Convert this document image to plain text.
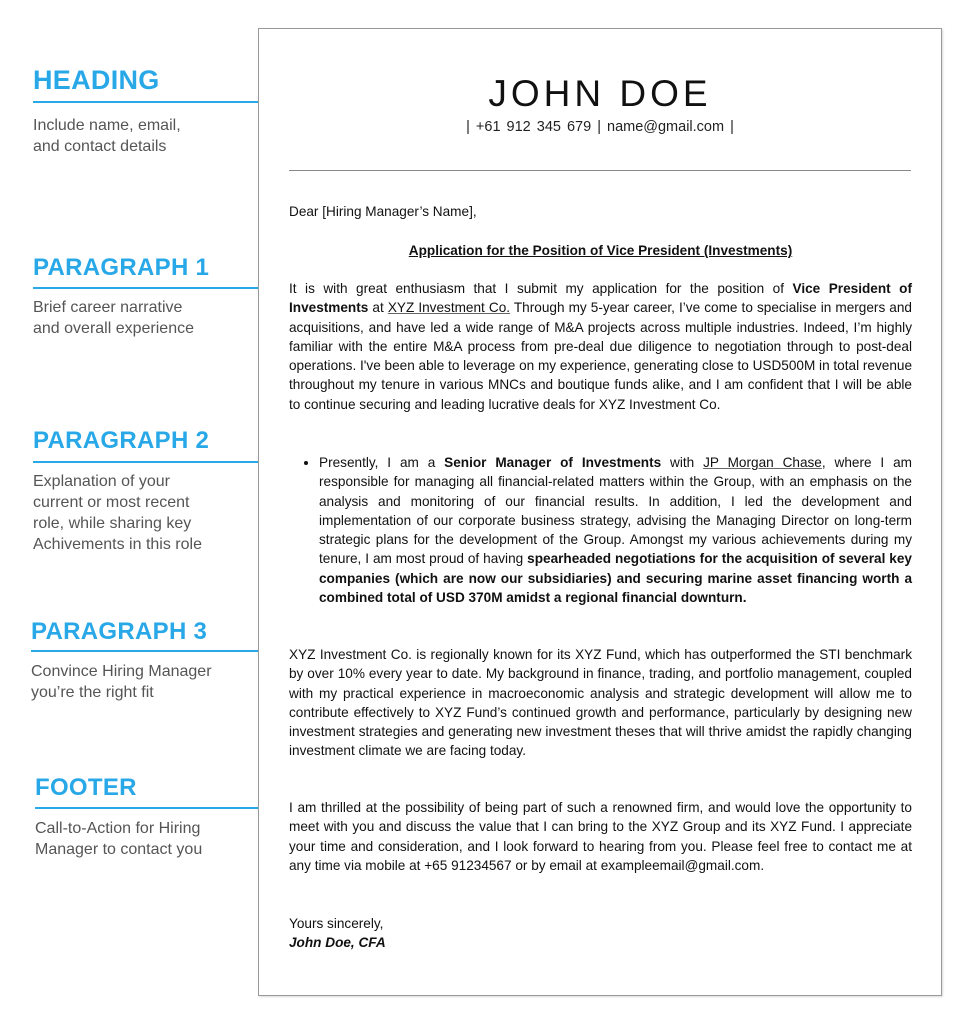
HEADING

Include name, email,
and contact details

PARAGRAPH 1

Brief career narrative
and overall experience

PARAGRAPH 2

Explanation of your
current or most recent
role, while sharing key
Achivements in this role

PARAGRAPH 3

Convince Hiring Manager
you’re the right fit

FOOTER

Call-to-Action for Hiring
Manager to contact you

JOHN DOE
| +61 912 345 679 | name@gmail.com |

Dear [Hiring Manager’s Name],

Application for the Position of Vice President (Investments)

It is with great enthusiasm that I submit my application for the position of Vice President of Investments at XYZ Investment Co. Through my 5-year career, I’ve come to specialise in mergers and acquisitions, and have led a wide range of M&A projects across multiple industries. Indeed, I’m highly familiar with the entire M&A process from pre-deal due diligence to negotiation through to post-deal operations. I've been able to leverage on my experience, generating close to USD500M in total revenue throughout my tenure in various MNCs and boutique funds alike, and I am confident that I will be able to continue securing and leading lucrative deals for XYZ Investment Co.

• Presently, I am a Senior Manager of Investments with JP Morgan Chase, where I am responsible for managing all financial-related matters within the Group, with an emphasis on the analysis and monitoring of our financial results. In addition, I led the development and implementation of our corporate business strategy, advising the Managing Director on long-term strategic plans for the development of the Group. Amongst my various achievements during my tenure, I am most proud of having spearheaded negotiations for the acquisition of several key companies (which are now our subsidiaries) and securing marine asset financing worth a combined total of USD 370M amidst a regional financial downturn.

XYZ Investment Co. is regionally known for its XYZ Fund, which has outperformed the STI benchmark by over 10% every year to date. My background in finance, trading, and portfolio management, coupled with my practical experience in macroeconomic analysis and strategic development will allow me to contribute effectively to XYZ Fund’s continued growth and performance, particularly by designing new investment strategies and generating new investment theses that will thrive amidst the rapidly changing investment climate we are facing today.

I am thrilled at the possibility of being part of such a renowned firm, and would love the opportunity to meet with you and discuss the value that I can bring to the XYZ Group and its XYZ Fund. I appreciate your time and consideration, and I look forward to hearing from you. Please feel free to contact me at any time via mobile at +65 91234567 or by email at exampleemail@gmail.com.

Yours sincerely,

John Doe, CFA
